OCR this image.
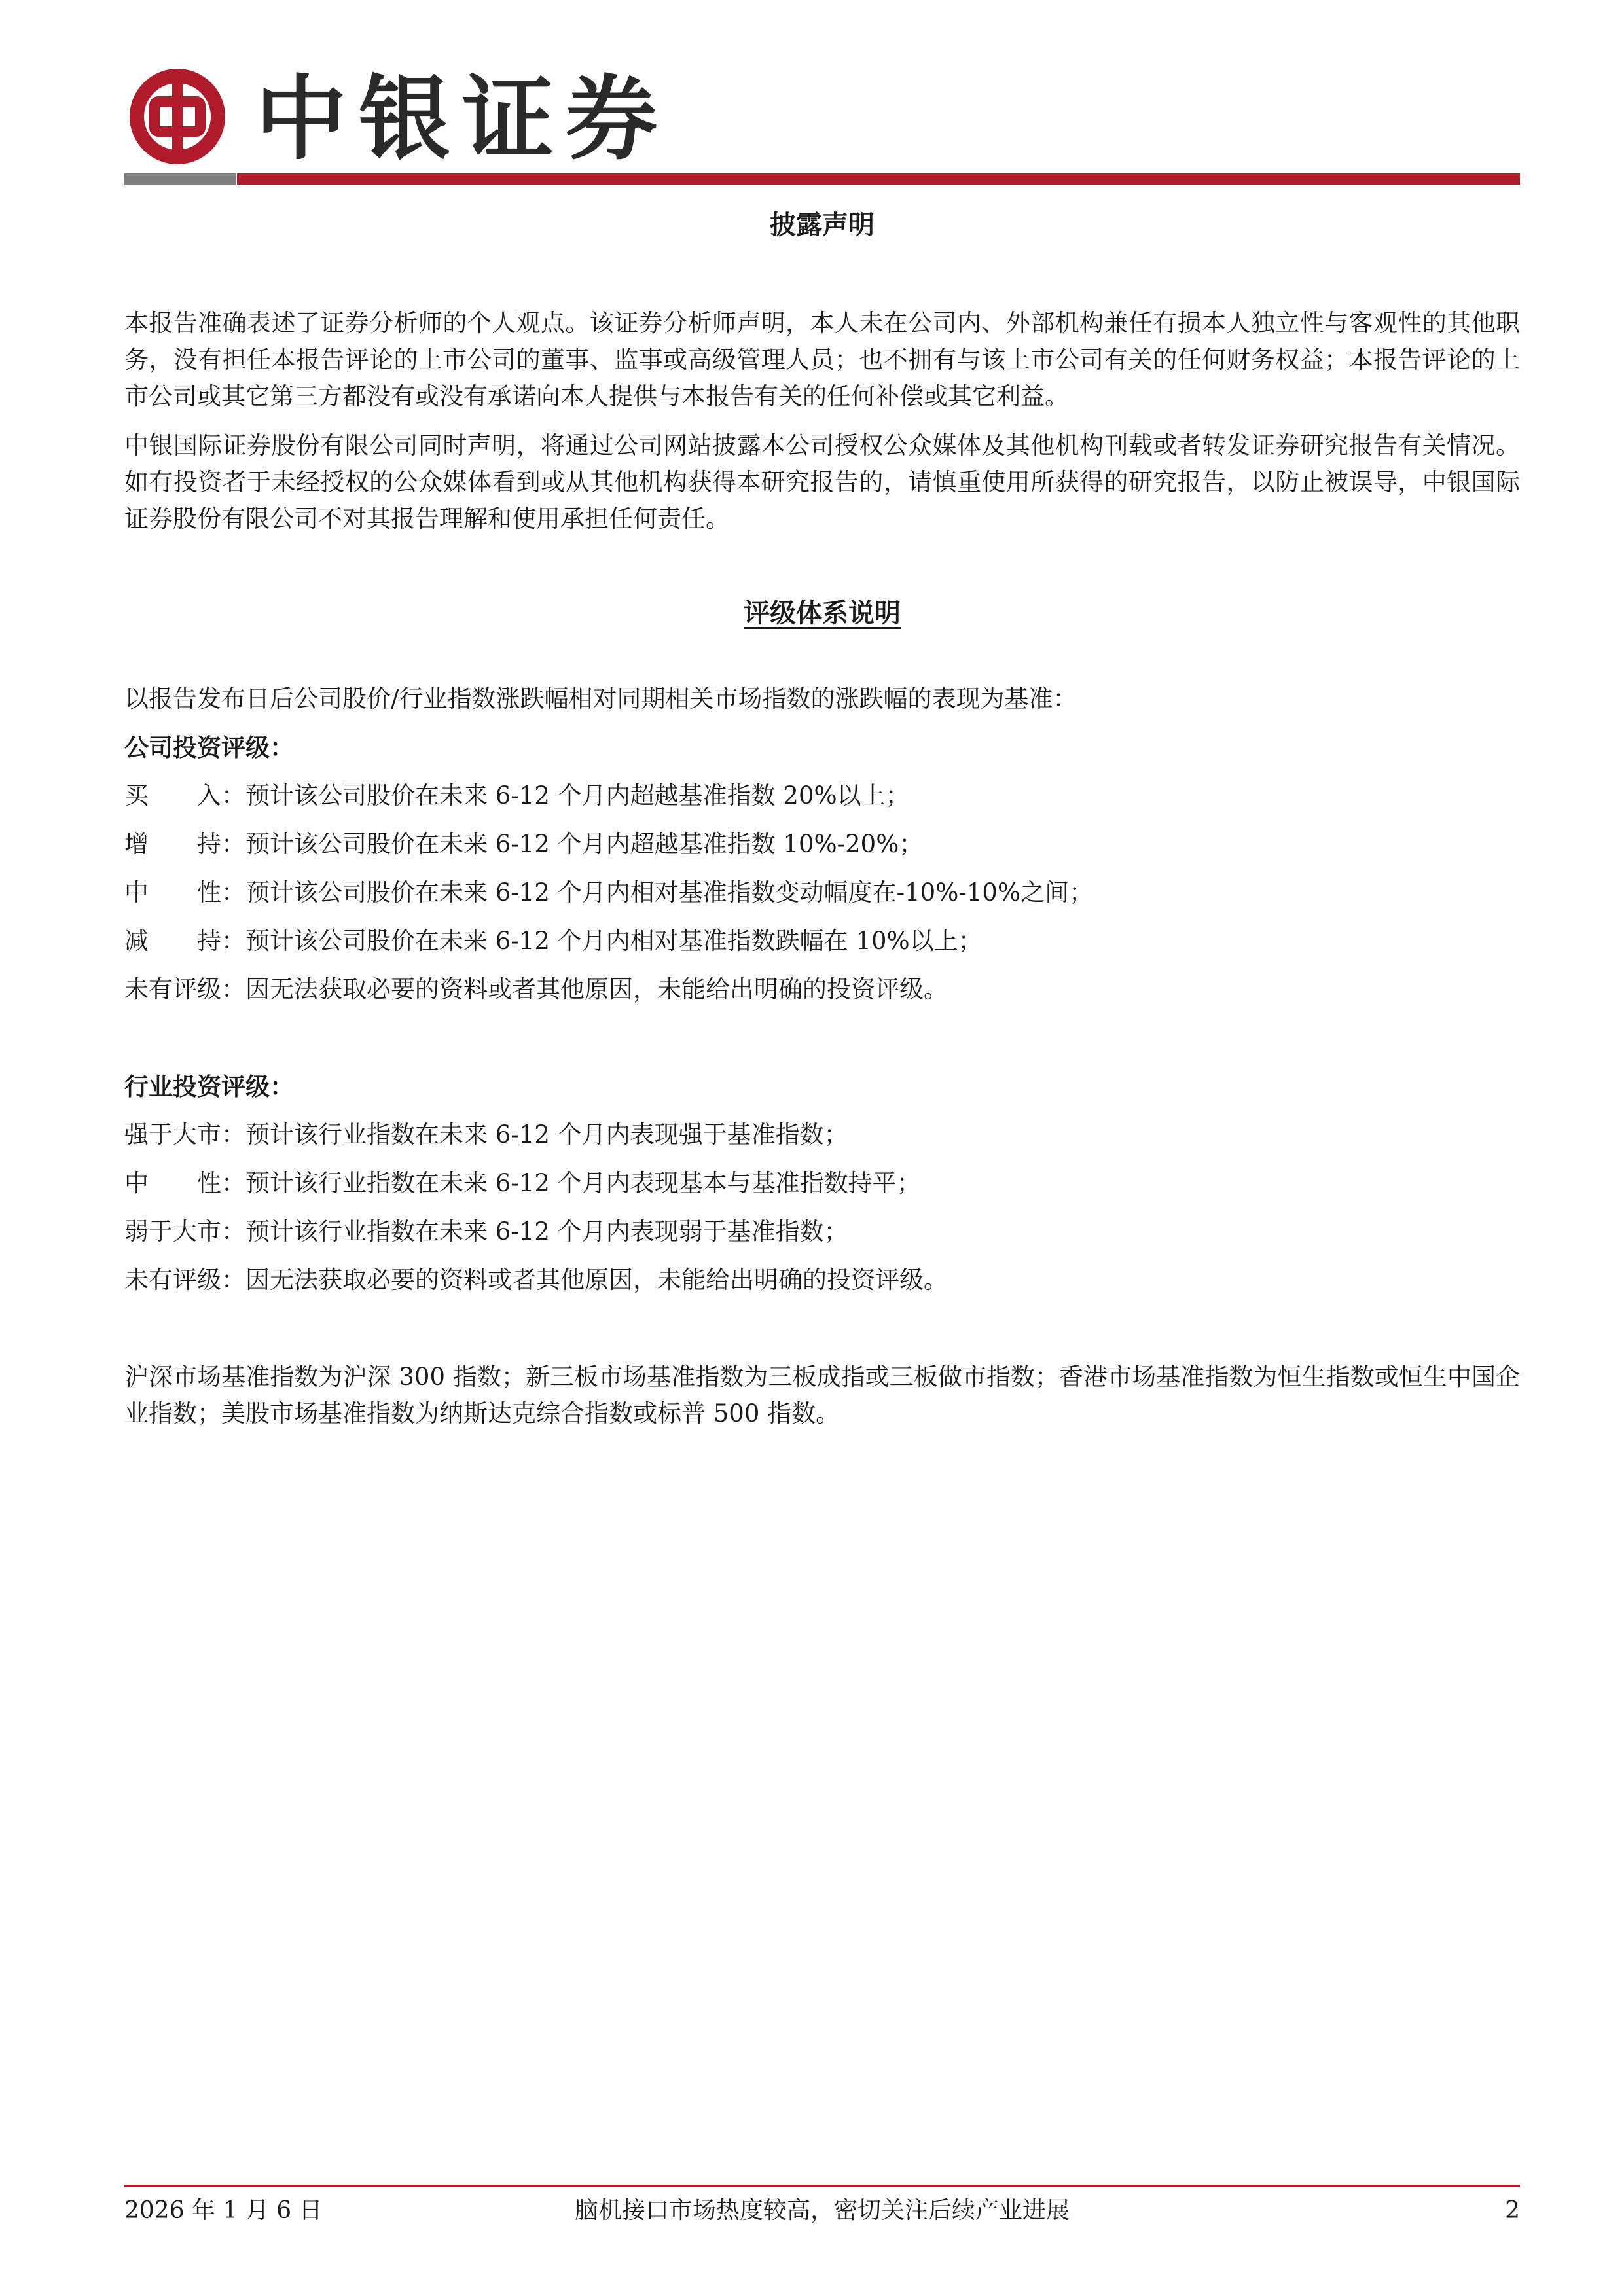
中银证券
披露声明
本报告准确表述了证券分析师的个人观点。该证券分析师声明，本人未在公司内、外部机构兼任有损本人独立性与客观性的其他职务，没有担任本报告评论的上市公司的董事、监事或高级管理人员；也不拥有与该上市公司有关的任何财务权益；本报告评论的上市公司或其它第三方都没有或没有承诺向本人提供与本报告有关的任何补偿或其它利益。
中银国际证券股份有限公司同时声明，将通过公司网站披露本公司授权公众媒体及其他机构刊载或者转发证券研究报告有关情况。如有投资者于未经授权的公众媒体看到或从其他机构获得本研究报告的，请慎重使用所获得的研究报告，以防止被误导，中银国际证券股份有限公司不对其报告理解和使用承担任何责任。
评级体系说明
以报告发布日后公司股价/行业指数涨跌幅相对同期相关市场指数的涨跌幅的表现为基准：
公司投资评级：
买入：预计该公司股价在未来 6-12 个月内超越基准指数 20%以上；
增持：预计该公司股价在未来 6-12 个月内超越基准指数 10%-20%；
中性：预计该公司股价在未来 6-12 个月内相对基准指数变动幅度在-10%-10%之间；
减持：预计该公司股价在未来 6-12 个月内相对基准指数跌幅在 10%以上；
未有评级：因无法获取必要的资料或者其他原因，未能给出明确的投资评级。
行业投资评级：
强于大市：预计该行业指数在未来 6-12 个月内表现强于基准指数；
中性：预计该行业指数在未来 6-12 个月内表现基本与基准指数持平；
弱于大市：预计该行业指数在未来 6-12 个月内表现弱于基准指数；
未有评级：因无法获取必要的资料或者其他原因，未能给出明确的投资评级。
沪深市场基准指数为沪深 300 指数；新三板市场基准指数为三板成指或三板做市指数；香港市场基准指数为恒生指数或恒生中国企业指数；美股市场基准指数为纳斯达克综合指数或标普 500 指数。
2026 年 1 月 6 日	脑机接口市场热度较高，密切关注后续产业进展	2
